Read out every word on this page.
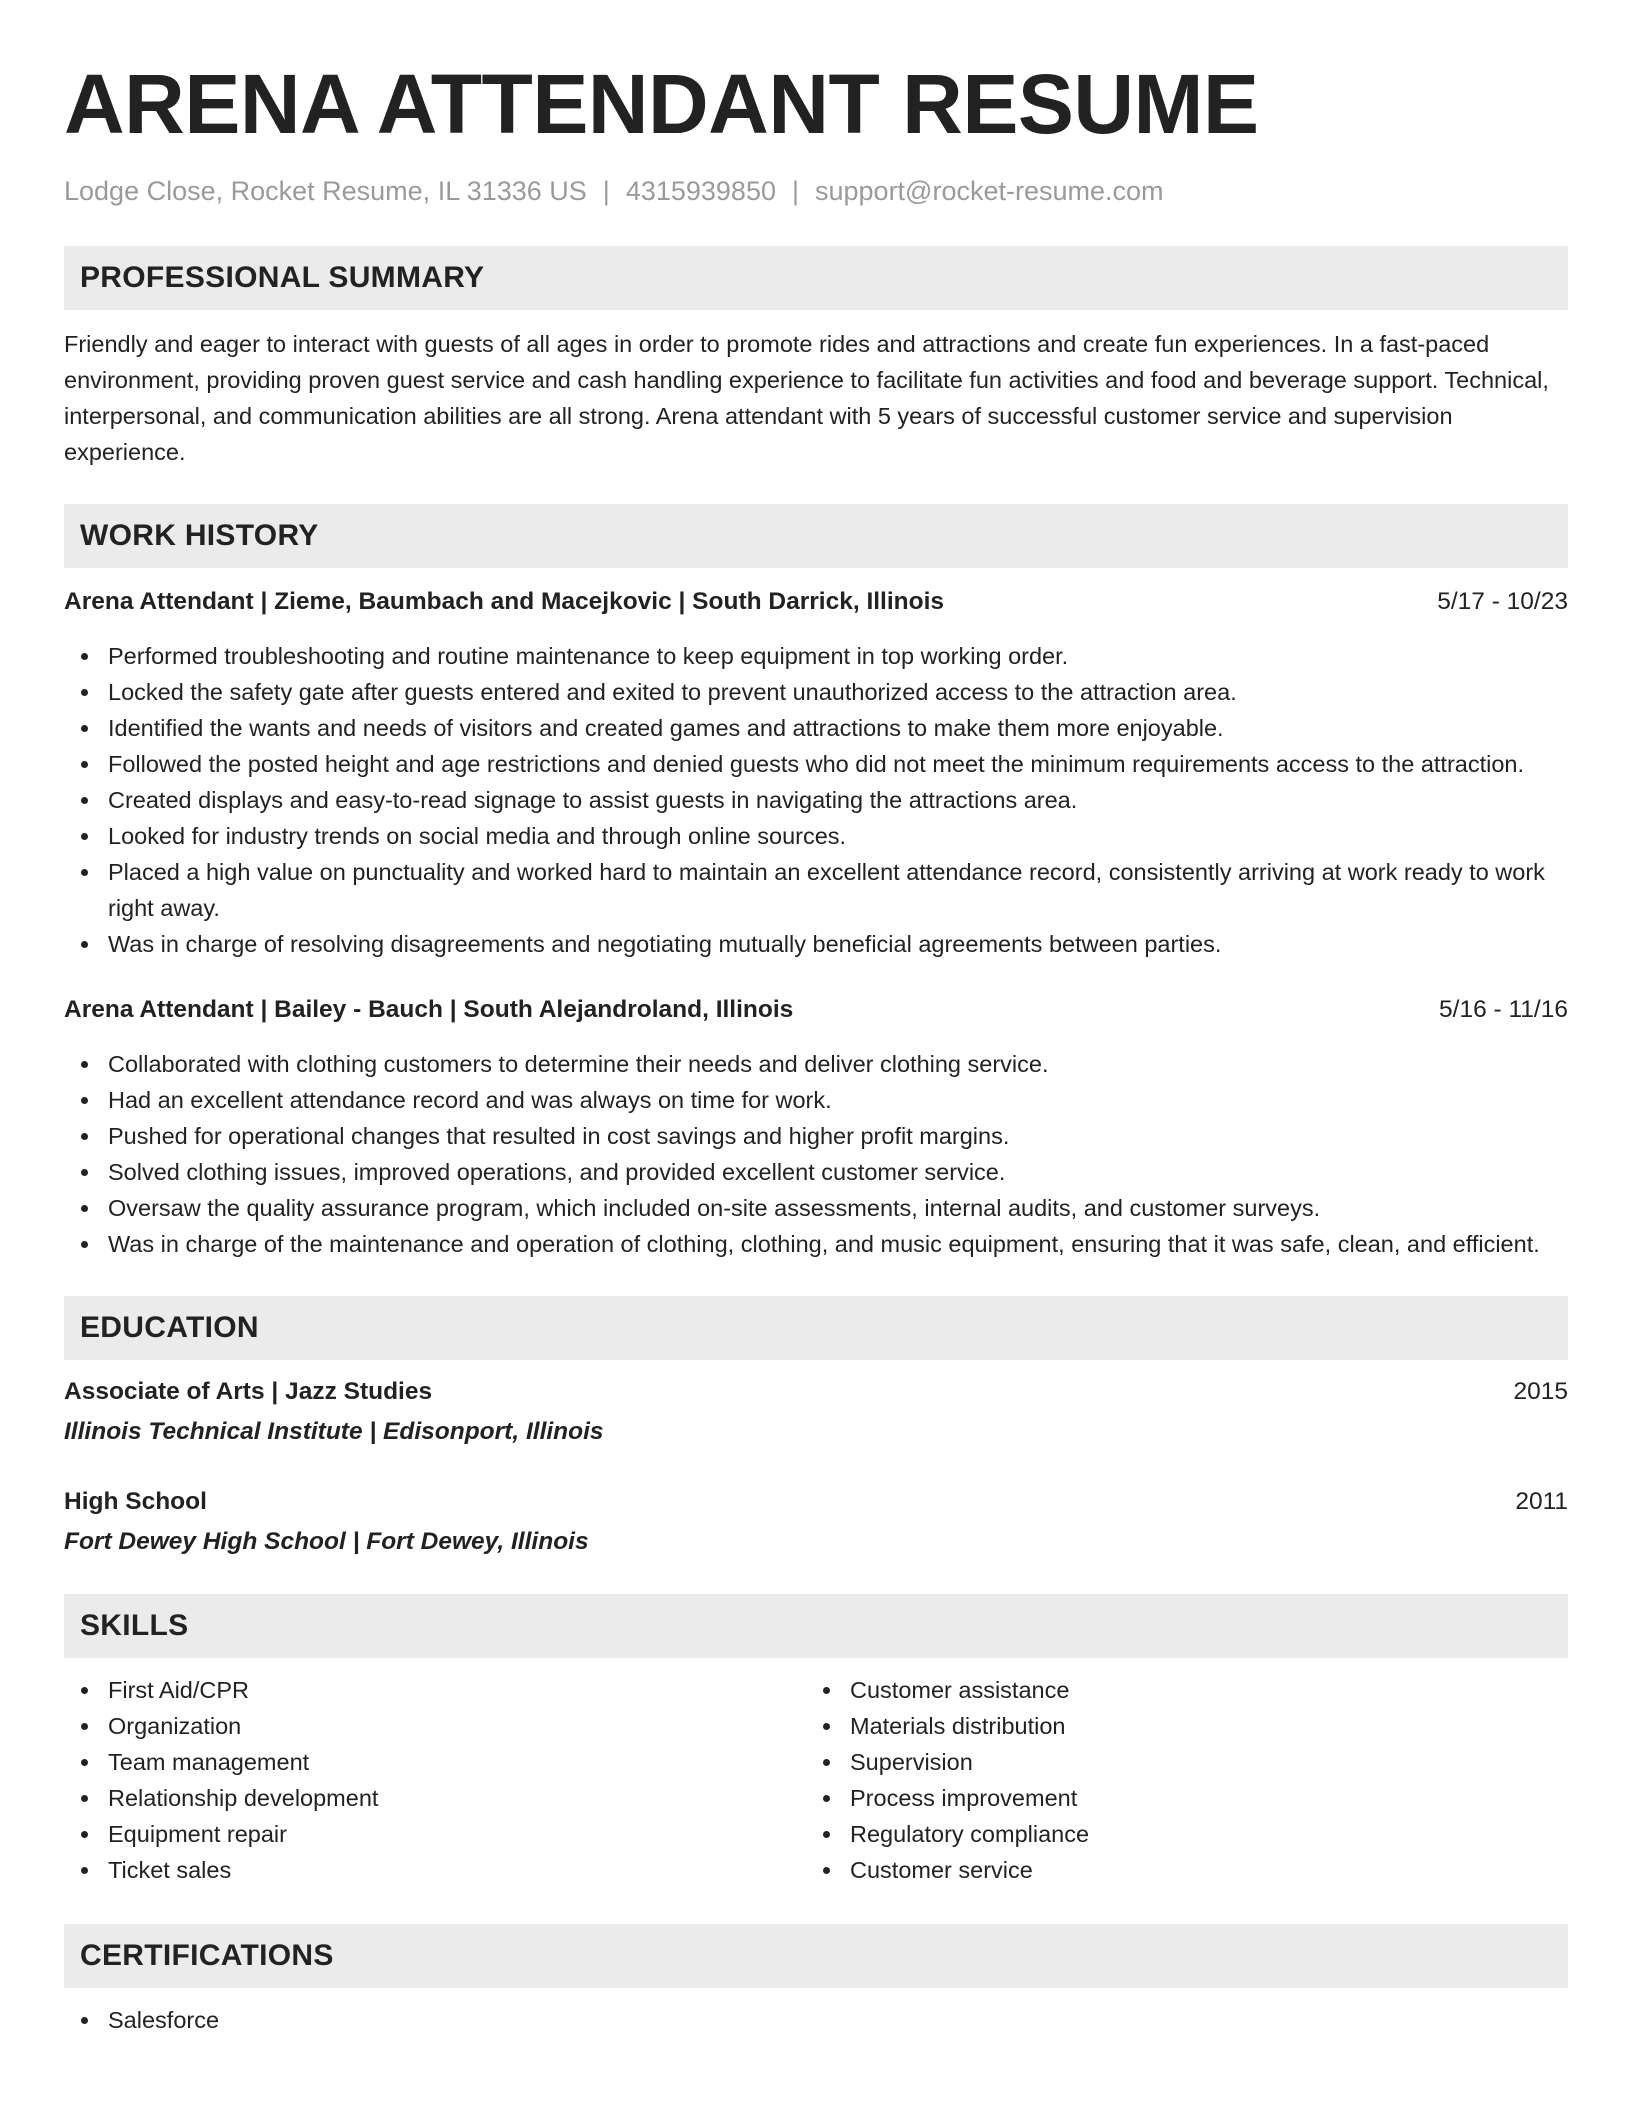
ARENA ATTENDANT RESUME
Lodge Close, Rocket Resume, IL 31336 US | 4315939850 | support@rocket-resume.com
PROFESSIONAL SUMMARY

Friendly and eager to interact with guests of all ages in order to promote rides and attractions and create fun experiences. In a fast-paced environment, providing proven guest service and cash handling experience to facilitate fun activities and food and beverage support. Technical, interpersonal, and communication abilities are all strong. Arena attendant with 5 years of successful customer service and supervision experience.

WORK HISTORY
Arena Attendant | Zieme, Baumbach and Macejkovic | South Darrick, Illinois	5/17 - 10/23
Performed troubleshooting and routine maintenance to keep equipment in top working order.
Locked the safety gate after guests entered and exited to prevent unauthorized access to the attraction area.
Identified the wants and needs of visitors and created games and attractions to make them more enjoyable.
Followed the posted height and age restrictions and denied guests who did not meet the minimum requirements access to the attraction.
Created displays and easy-to-read signage to assist guests in navigating the attractions area.
Looked for industry trends on social media and through online sources.
Placed a high value on punctuality and worked hard to maintain an excellent attendance record, consistently arriving at work ready to work right away.
Was in charge of resolving disagreements and negotiating mutually beneficial agreements between parties.
Arena Attendant | Bailey - Bauch | South Alejandroland, Illinois	5/16 - 11/16
Collaborated with clothing customers to determine their needs and deliver clothing service.
Had an excellent attendance record and was always on time for work.
Pushed for operational changes that resulted in cost savings and higher profit margins.
Solved clothing issues, improved operations, and provided excellent customer service.
Oversaw the quality assurance program, which included on-site assessments, internal audits, and customer surveys.
Was in charge of the maintenance and operation of clothing, clothing, and music equipment, ensuring that it was safe, clean, and efficient.
EDUCATION
Associate of Arts | Jazz Studies	2015
Illinois Technical Institute | Edisonport, Illinois
High School	2011
Fort Dewey High School | Fort Dewey, Illinois
SKILLS
First Aid/CPR
Organization
Team management
Relationship development
Equipment repair
Ticket sales
Customer assistance
Materials distribution
Supervision
Process improvement
Regulatory compliance
Customer service
CERTIFICATIONS
Salesforce
